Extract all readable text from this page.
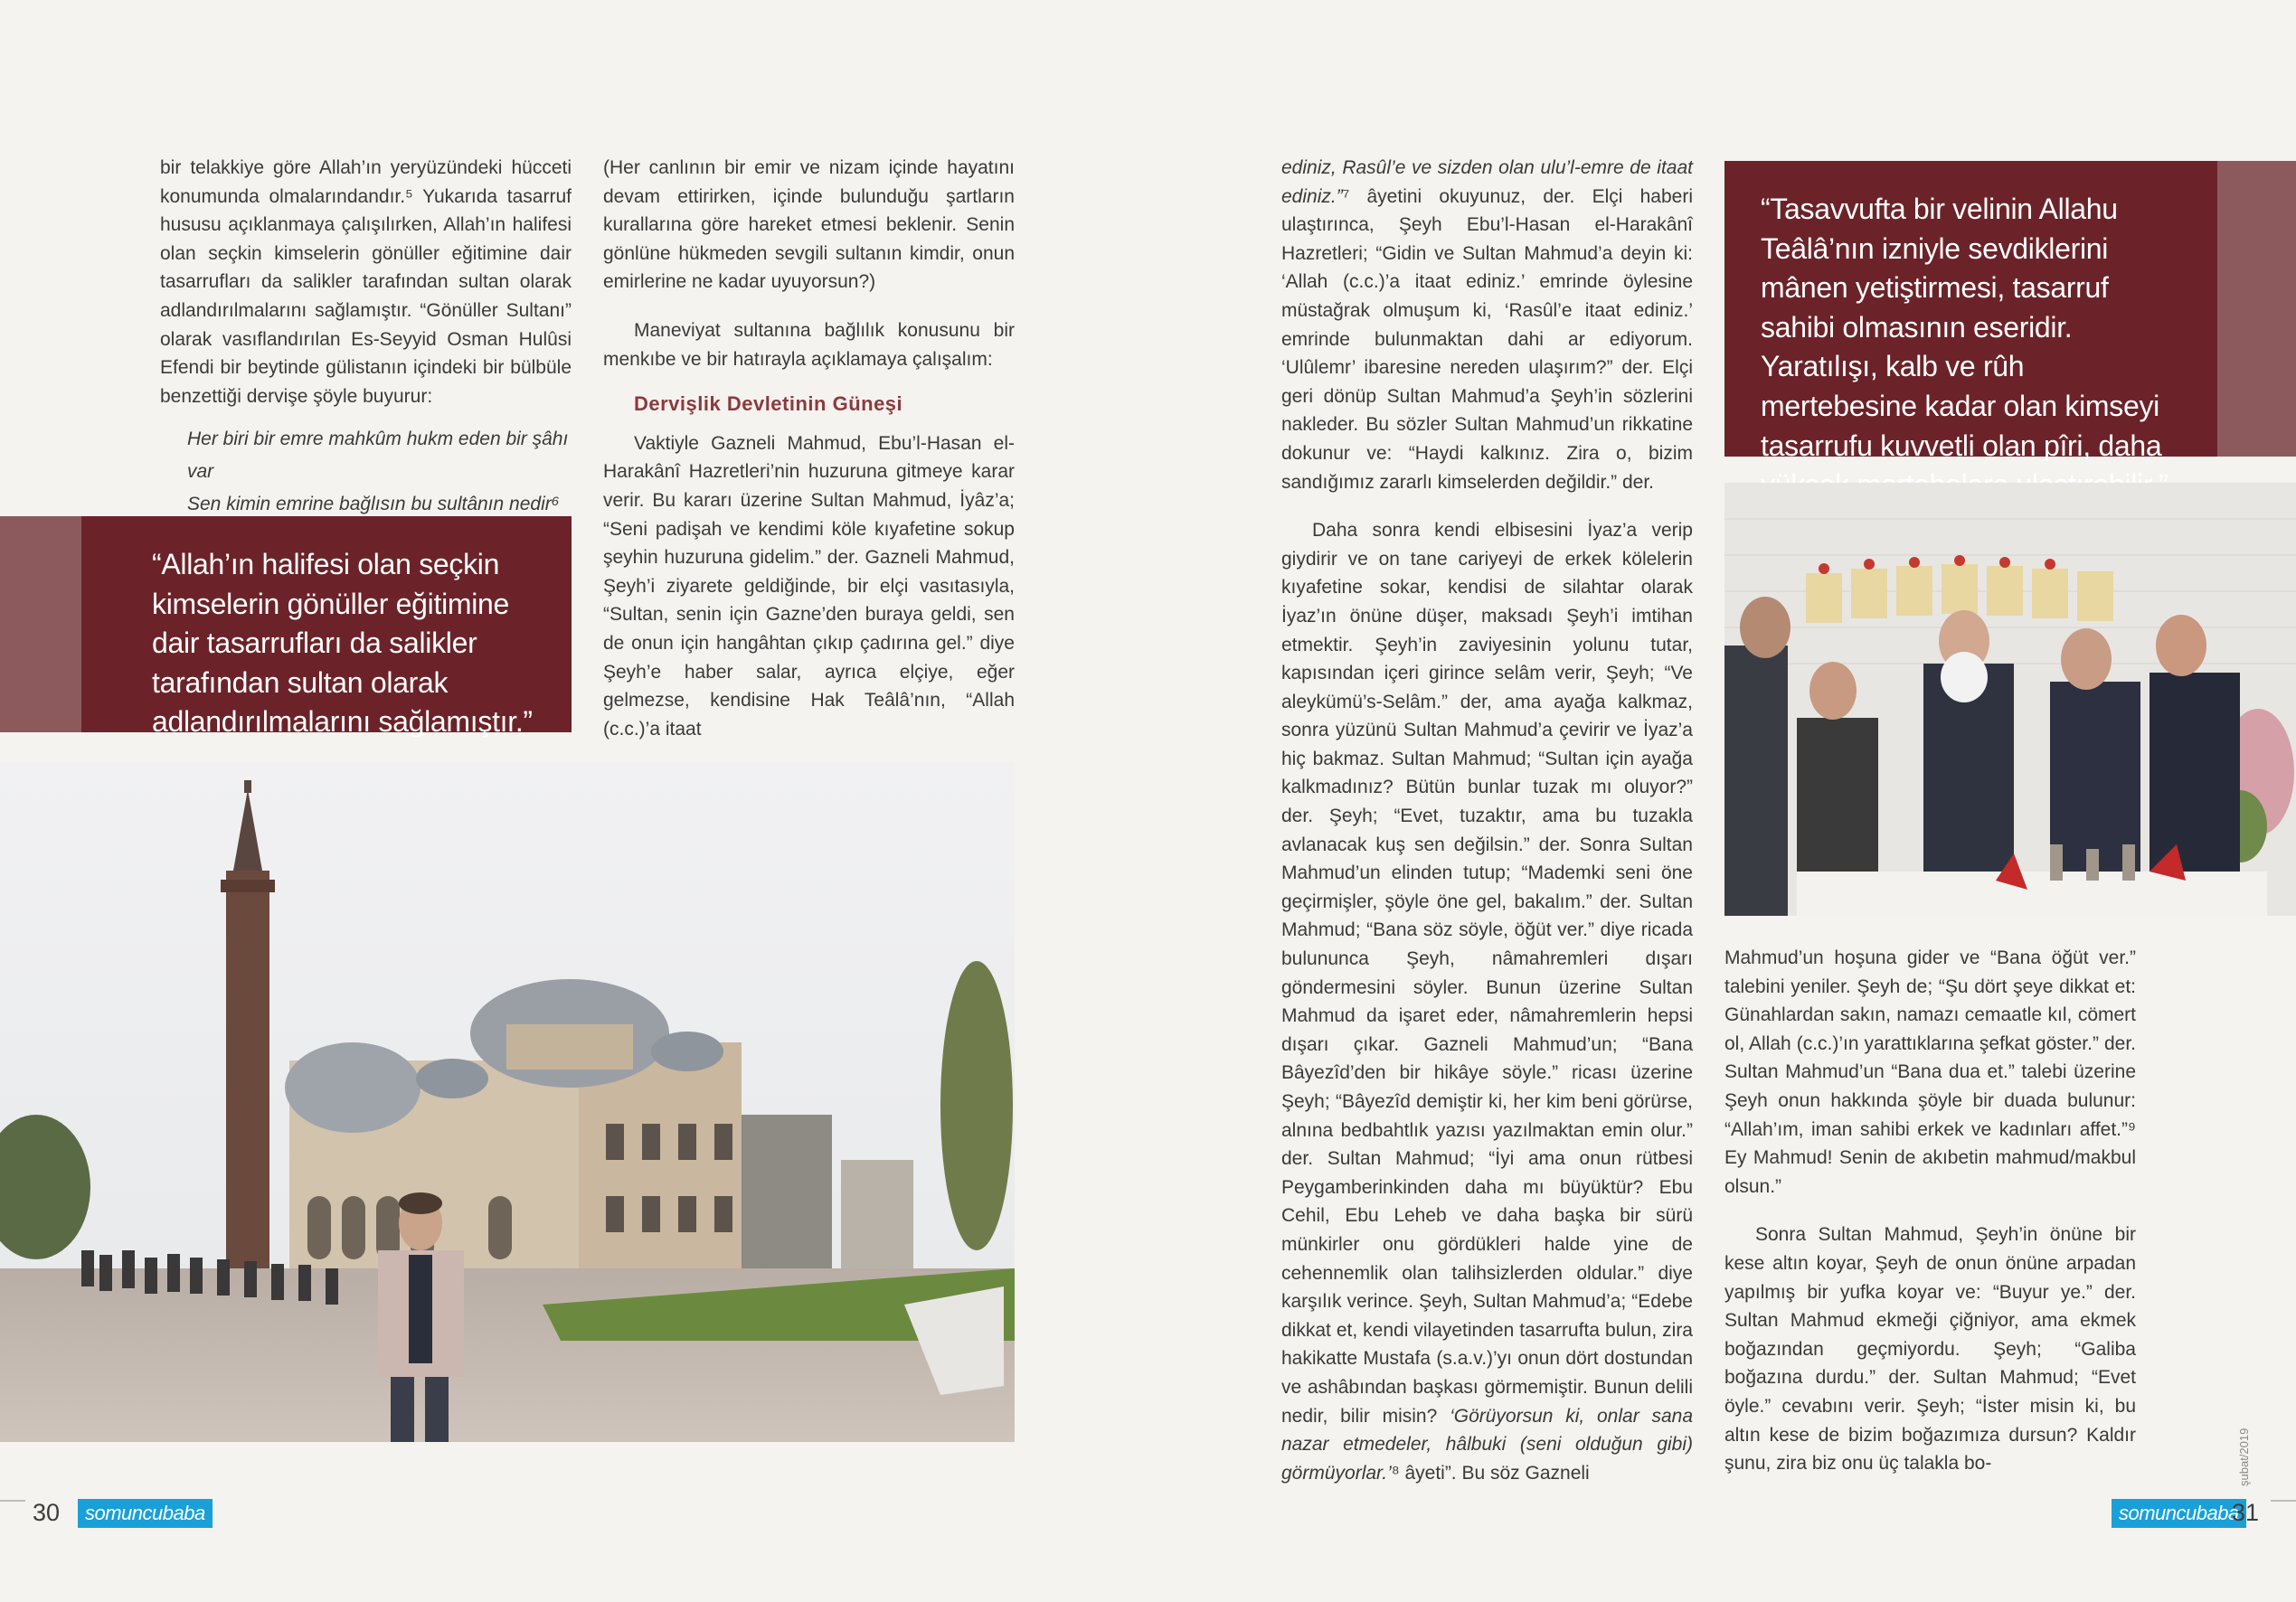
bir telakkiye göre Allah’ın yeryüzündeki hücceti konumunda olmalarındandır.⁵ Yukarıda tasarruf hususu açıklanmaya çalışılırken, Allah’ın halifesi olan seçkin kimselerin gönüller eğitimine dair tasarrufları da salikler tarafından sultan olarak adlandırılmalarını sağlamıştır. “Gönüller Sultanı” olarak vasıflandırılan Es-Seyyid Osman Hulûsi Efendi bir beytinde gülistanın içindeki bir bülbüle benzettiği dervişe şöyle buyurur:

Her biri bir emre mahkûm hukm eden bir şâhı var

Sen kimin emrine bağlısın bu sultânın nedir⁶

“Allah’ın halifesi olan seçkin kimselerin gönüller eğitimine dair tasarrufları da salikler tarafından sultan olarak adlandırılmalarını sağlamıştır.”

(Her canlının bir emir ve nizam içinde hayatını devam ettirirken, içinde bulunduğu şartların kurallarına göre hareket etmesi beklenir. Senin gönlüne hükmeden sevgili sultanın kimdir, onun emirlerine ne kadar uyuyorsun?)

Maneviyat sultanına bağlılık konusunu bir menkıbe ve bir hatırayla açıklamaya çalışalım:

Dervişlik Devletinin Güneşi

Vaktiyle Gazneli Mahmud, Ebu’l-Hasan el-Harakânî Hazretleri’nin huzuruna gitmeye karar verir. Bu kararı üzerine Sultan Mahmud, İyâz’a; “Seni padişah ve kendimi köle kıyafetine sokup şeyhin huzuruna gidelim.” der. Gazneli Mahmud, Şeyh’i ziyarete geldiğinde, bir elçi vasıtasıyla, “Sultan, senin için Gazne’den buraya geldi, sen de onun için hangâhtan çıkıp çadırına gel.” diye Şeyh’e haber salar, ayrıca elçiye, eğer gelmezse, kendisine Hak Teâlâ’nın, “Allah (c.c.)’a itaat

30	somuncubaba

ediniz, Rasûl’e ve sizden olan ulu’l-emre de itaat ediniz.”⁷ âyetini okuyunuz, der. Elçi haberi ulaştırınca, Şeyh Ebu’l-Hasan el-Harakânî Hazretleri; “Gidin ve Sultan Mahmud’a deyin ki: ‘Allah (c.c.)’a itaat ediniz.’ emrinde öylesine müstağrak olmuşum ki, ‘Rasûl’e itaat ediniz.’ emrinde bulunmaktan dahi ar ediyorum. ‘Ulûlemr’ ibaresine nereden ulaşırım?” der. Elçi geri dönüp Sultan Mahmud’a Şeyh’in sözlerini nakleder. Bu sözler Sultan Mahmud’un rikkatine dokunur ve: “Haydi kalkınız. Zira o, bizim sandığımız zararlı kimselerden değildir.” der.

Daha sonra kendi elbisesini İyaz’a verip giydirir ve on tane cariyeyi de erkek kölelerin kıyafetine sokar, kendisi de silahtar olarak İyaz’ın önüne düşer, maksadı Şeyh’i imtihan etmektir. Şeyh’in zaviyesinin yolunu tutar, kapısından içeri girince selâm verir, Şeyh; “Ve aleykümü’s-Selâm.” der, ama ayağa kalkmaz, sonra yüzünü Sultan Mahmud’a çevirir ve İyaz’a hiç bakmaz. Sultan Mahmud; “Sultan için ayağa kalkmadınız? Bütün bunlar tuzak mı oluyor?” der. Şeyh; “Evet, tuzaktır, ama bu tuzakla avlanacak kuş sen değilsin.” der. Sonra Sultan Mahmud’un elinden tutup; “Mademki seni öne geçirmişler, şöyle öne gel, bakalım.” der. Sultan Mahmud; “Bana söz söyle, öğüt ver.” diye ricada bulununca Şeyh, nâmahremleri dışarı göndermesini söyler. Bunun üzerine Sultan Mahmud da işaret eder, nâmahremlerin hepsi dışarı çıkar. Gazneli Mahmud’un; “Bana Bâyezîd’den bir hikâye söyle.” ricası üzerine Şeyh; “Bâyezîd demiştir ki, her kim beni görürse, alnına bedbahtlık yazısı yazılmaktan emin olur.” der. Sultan Mahmud; “İyi ama onun rütbesi Peygamberinkinden daha mı büyüktür? Ebu Cehil, Ebu Leheb ve daha başka bir sürü münkirler onu gördükleri halde yine de cehennemlik olan talihsizlerden oldular.” diye karşılık verince. Şeyh, Sultan Mahmud’a; “Edebe dikkat et, kendi vilayetinden tasarrufta bulun, zira hakikatte Mustafa (s.a.v.)’yı onun dört dostundan ve ashâbından başkası görmemiştir. Bunun delili nedir, bilir misin? ‘Görüyorsun ki, onlar sana nazar etmedeler, hâlbuki (seni olduğun gibi) görmüyorlar.’⁸ âyeti”. Bu söz Gazneli

“Tasavvufta bir velinin Allahu Teâlâ’nın izniyle sevdiklerini mânen yetiştirmesi, tasarruf sahibi olmasının eseridir. Yaratılışı, kalb ve rûh mertebesine kadar olan kimseyi tasarrufu kuvvetli olan pîri, daha

Mahmud’un hoşuna gider ve “Bana öğüt ver.” talebini yeniler. Şeyh de; “Şu dört şeye dikkat et: Günahlardan sakın, namazı cemaatle kıl, cömert ol, Allah (c.c.)’ın yarattıklarına şefkat göster.” der. Sultan Mahmud’un “Bana dua et.” talebi üzerine Şeyh onun hakkında şöyle bir duada bulunur: “Allah’ım, iman sahibi erkek ve kadınları affet.”⁹ Ey Mahmud! Senin de akıbetin mahmud/makbul olsun.”

Sonra Sultan Mahmud, Şeyh’in önüne bir kese altın koyar, Şeyh de onun önüne arpadan yapılmış bir yufka koyar ve: “Buyur ye.” der. Sultan Mahmud ekmeği çiğniyor, ama ekmek boğazından geçmiyordu. Şeyh; “Galiba boğazına durdu.” der. Sultan Mahmud; “Evet öyle.” cevabını verir. Şeyh; “İster misin ki, bu altın kese de bizim boğazımıza dursun? Kaldır şunu, zira biz onu üç talakla bo-	şubat/2019
somuncubaba
31
